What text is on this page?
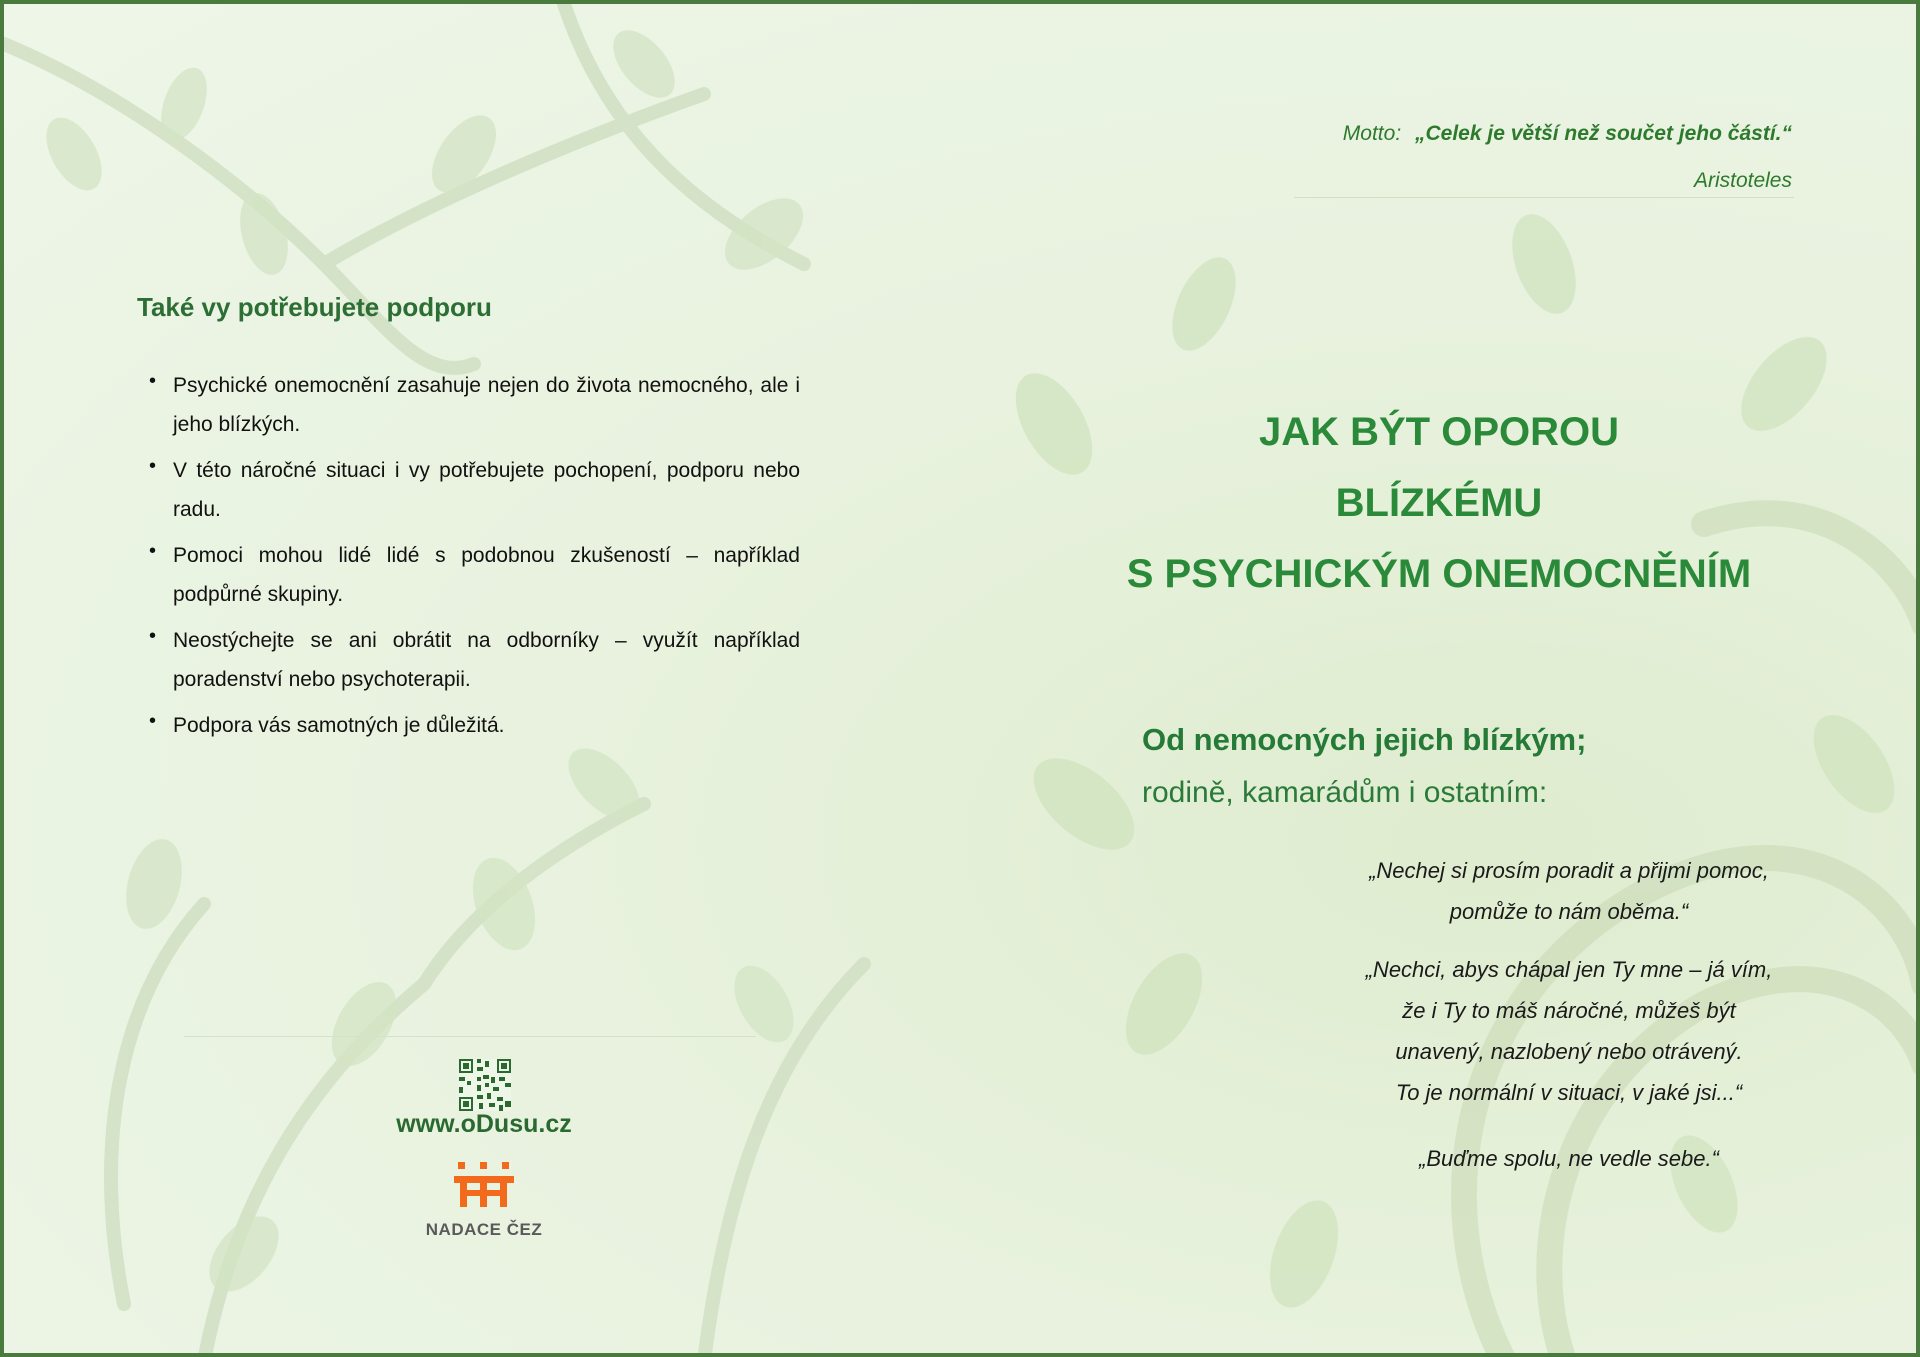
Motto: „Celek je větší než součet jeho částí.“
Aristoteles
Také vy potřebujete podporu
• Psychické onemocnění zasahuje nejen do života nemocného, ale i jeho blízkých.
• V této náročné situaci i vy potřebujete pochopení, podporu nebo radu.
• Pomoci mohou lidé lidé s podobnou zkušeností – například podpůrné skupiny.
• Neostýchejte se ani obrátit na odborníky – využít například poradenství nebo psychoterapii.
• Podpora vás samotných je důležitá.
www.oDusu.cz
NADACE ČEZ
JAK BÝT OPOROU
BLÍZKÉMU
S PSYCHICKÝM ONEMOCNĚNÍM
Od nemocných jejich blízkým;
rodině, kamarádům i ostatním:
„Nechej si prosím poradit a přijmi pomoc,
pomůže to nám oběma.“
„Nechci, abys chápal jen Ty mne – já vím,
že i Ty to máš náročné, můžeš být
unavený, nazlobený nebo otrávený.
To je normální v situaci, v jaké jsi...“
„Buďme spolu, ne vedle sebe.“
